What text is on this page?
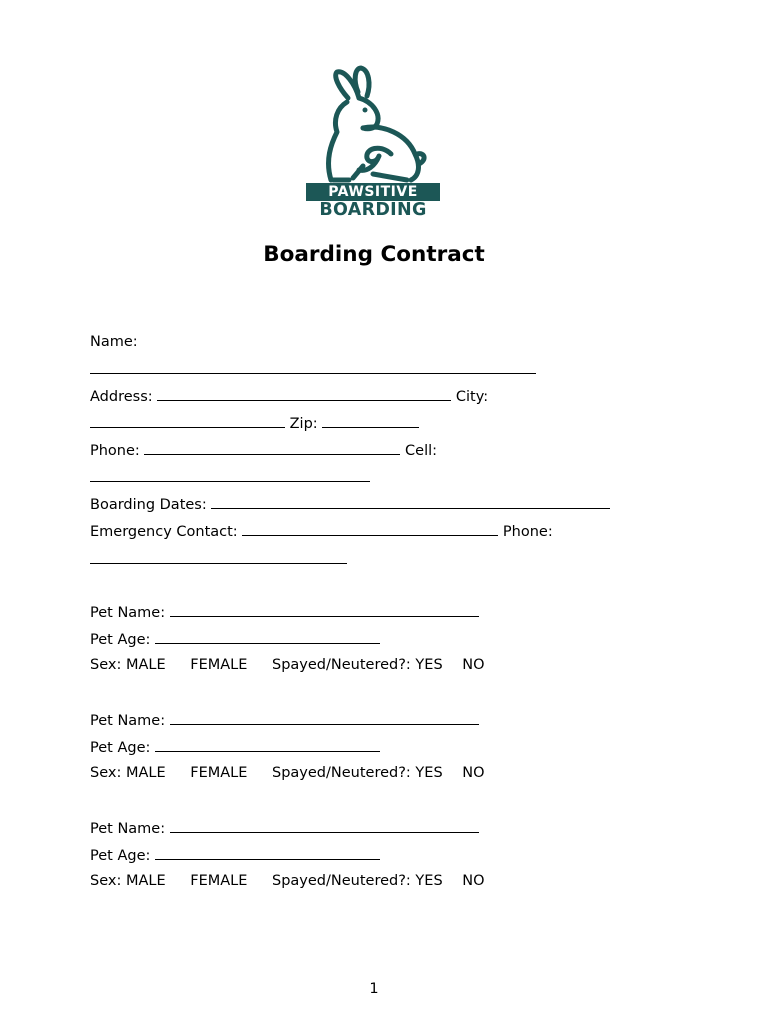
PAWSITIVE
BOARDING
Boarding Contract
Name:
Address:	City:
Zip:
Phone:	Cell:
Boarding Dates:
Emergency Contact:	Phone:
Pet Name:
Pet Age:
Sex: MALE FEMALE Spayed/Neutered?: YES NO
Pet Name:
Pet Age:
Sex: MALE FEMALE Spayed/Neutered?: YES NO
Pet Name:
Pet Age:
Sex: MALE FEMALE Spayed/Neutered?: YES NO
1
